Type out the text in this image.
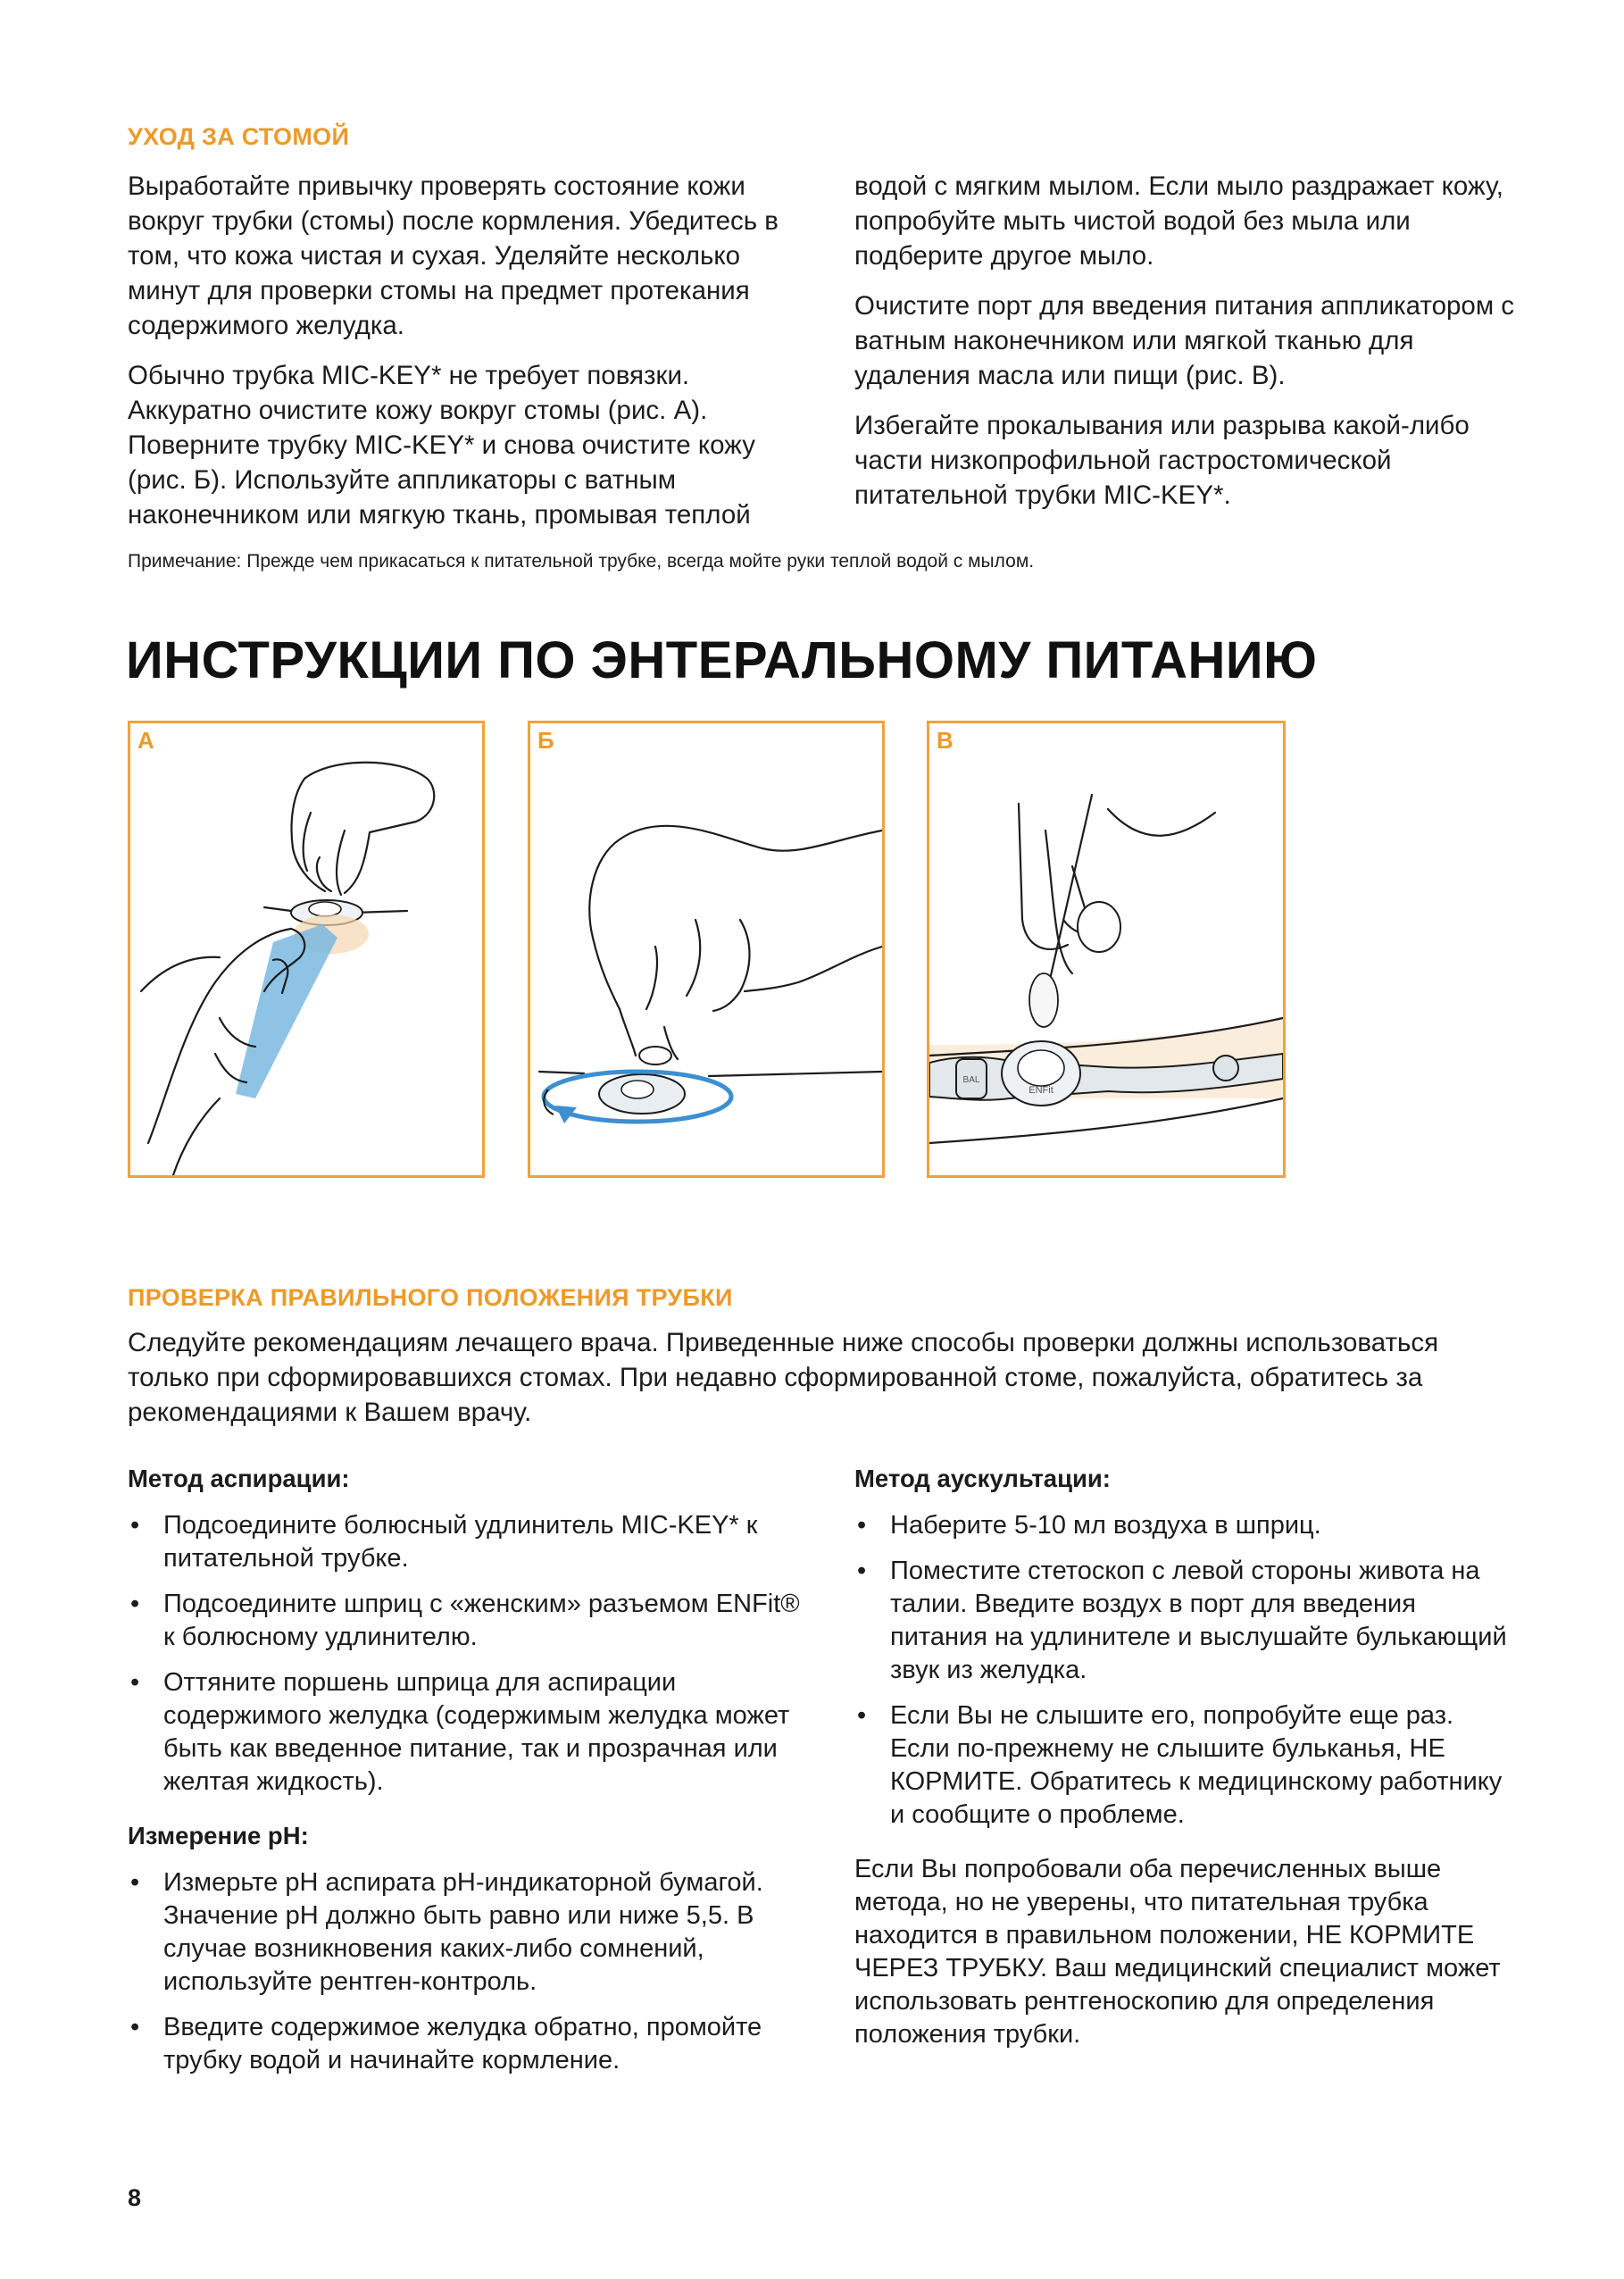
УХОД ЗА СТОМОЙ

Выработайте привычку проверять состояние кожи вокруг трубки (стомы) после кормления. Убедитесь в том, что кожа чистая и сухая. Уделяйте несколько минут для проверки стомы на предмет протекания содержимого желудка.

Обычно трубка MIC-KEY* не требует повязки. Аккуратно очистите кожу вокруг стомы (рис. А). Поверните трубку MIC-KEY* и снова очистите кожу (рис. Б). Используйте аппликаторы с ватным наконечником или мягкую ткань, промывая теплой

водой с мягким мылом. Если мыло раздражает кожу, попробуйте мыть чистой водой без мыла или подберите другое мыло.

Очистите порт для введения питания аппликатором с ватным наконечником или мягкой тканью для удаления масла или пищи (рис. В).

Избегайте прокалывания или разрыва какой-либо части низкопрофильной гастростомической питательной трубки MIC-KEY*.

Примечание: Прежде чем прикасаться к питательной трубке, всегда мойте руки теплой водой с мылом.
ИНСТРУКЦИИ ПО ЭНТЕРАЛЬНОМУ ПИТАНИЮ
А	Б
ENFit
BAL
В
ПРОВЕРКА ПРАВИЛЬНОГО ПОЛОЖЕНИЯ ТРУБКИ
Следуйте рекомендациям лечащего врача. Приведенные ниже способы проверки должны использоваться только при сформировавшихся стомах. При недавно сформированной стоме, пожалуйста, обратитесь за рекомендациями к Вашем врачу.
Метод аспирации:
• Подсоедините болюсный удлинитель MIC-KEY* к питательной трубке.
• Подсоедините шприц с «женским» разъемом ENFit® к болюсному удлинителю.
• Оттяните поршень шприца для аспирации содержимого желудка (содержимым желудка может быть как введенное питание, так и прозрачная или желтая жидкость).
Измерение pH:
• Измерьте pH аспирата pH-индикаторной бумагой. Значение pH должно быть равно или ниже 5,5. В случае возникновения каких-либо сомнений, используйте рентген-контроль.
• Введите содержимое желудка обратно, промойте трубку водой и начинайте кормление.
Метод аускультации:
• Наберите 5-10 мл воздуха в шприц.
• Поместите стетоскоп с левой стороны живота на талии. Введите воздух в порт для введения питания на удлинителе и выслушайте булькающий звук из желудка.
• Если Вы не слышите его, попробуйте еще раз. Если по-прежнему не слышите бульканья, НЕ КОРМИТЕ. Обратитесь к медицинскому работнику и сообщите о проблеме.
Если Вы попробовали оба перечисленных выше метода, но не уверены, что питательная трубка находится в правильном положении, НЕ КОРМИТЕ ЧЕРЕЗ ТРУБКУ. Ваш медицинский специалист может использовать рентгеноскопию для определения положения трубки.
8
